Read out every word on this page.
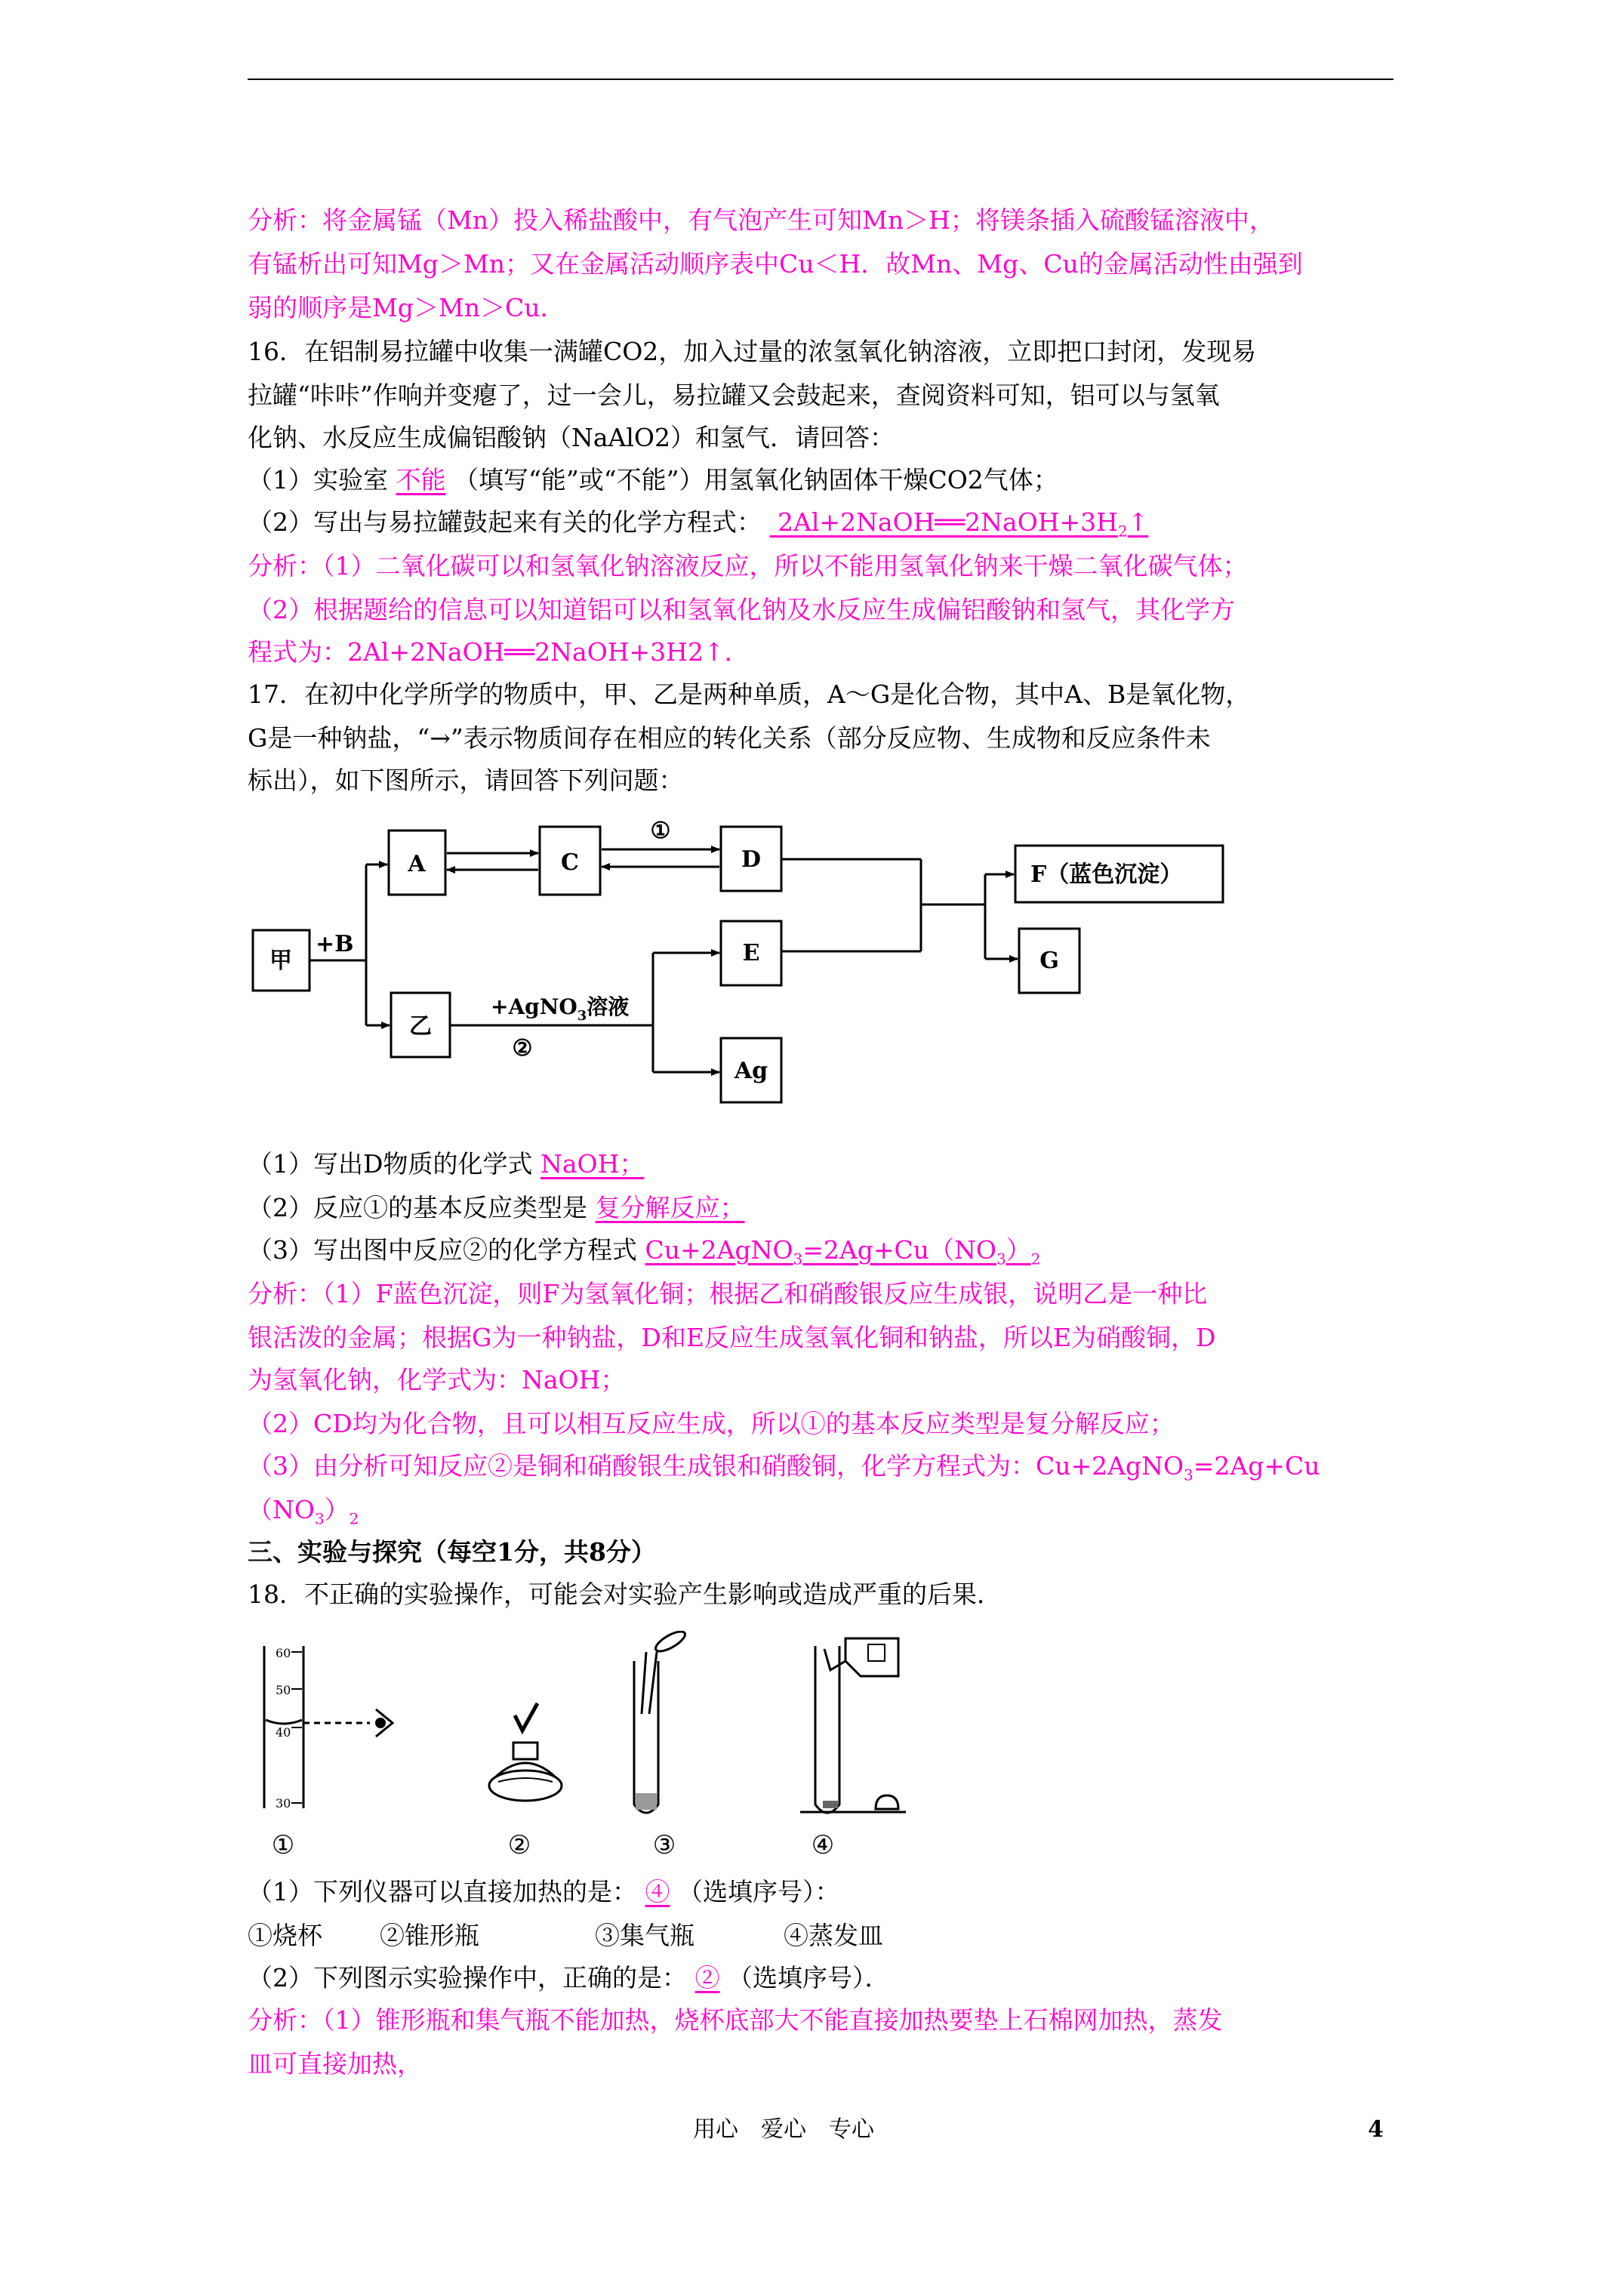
分析：将金属锰（Mn）投入稀盐酸中，有气泡产生可知Mn＞H；将镁条插入硫酸锰溶液中，
有锰析出可知Mg＞Mn；又在金属活动顺序表中Cu＜H．故Mn、Mg、Cu的金属活动性由强到
弱的顺序是Mg＞Mn＞Cu．
16．在铝制易拉罐中收集一满罐CO2，加入过量的浓氢氧化钠溶液，立即把口封闭，发现易
拉罐“咔咔”作响并变瘪了，过一会儿，易拉罐又会鼓起来，查阅资料可知，铝可以与氢氧
化钠、水反应生成偏铝酸钠（NaAlO2）和氢气．请回答：
（1）实验室 不能 （填写“能”或“不能”）用氢氧化钠固体干燥CO2气体；
（2）写出与易拉罐鼓起来有关的化学方程式： $2Al+2NaOH══2NaOH+3H_2↑$
分析：（1）二氧化碳可以和氢氧化钠溶液反应，所以不能用氢氧化钠来干燥二氧化碳气体；
（2）根据题给的信息可以知道铝可以和氢氧化钠及水反应生成偏铝酸钠和氢气，其化学方
程式为：2Al+2NaOH══2NaOH+3H2↑．
17．在初中化学所学的物质中，甲、乙是两种单质，A～G是化合物，其中A、B是氧化物，
G是一种钠盐，“→”表示物质间存在相应的转化关系（部分反应物、生成物和反应条件未
标出），如下图所示，请回答下列问题：
甲
+B
A	C	D
①
乙
+AgNO$_3$溶液
②
E
Ag
F（蓝色沉淀）
G
（1）写出D物质的化学式 NaOH；
（2）反应①的基本反应类型是 复分解反应；
（3）写出图中反应②的化学方程式 $Cu+2AgNO_3=2Ag+Cu(NO_3)_2$
分析：（1）F蓝色沉淀，则F为氢氧化铜；根据乙和硝酸银反应生成银，说明乙是一种比
银活泼的金属；根据G为一种钠盐，D和E反应生成氢氧化铜和钠盐，所以E为硝酸铜，D
为氢氧化钠，化学式为：NaOH；
（2）CD均为化合物，且可以相互反应生成，所以①的基本反应类型是复分解反应；
（3）由分析可知反应②是铜和硝酸银生成银和硝酸铜，化学方程式为：Cu+2AgNO$_3$=2Ag+Cu
$(NO_3)_2$
三、实验与探究（每空1分，共8分）
18．不正确的实验操作，可能会对实验产生影响或造成严重的后果．
60
50
40
30
①	②	③	④
（1）下列仪器可以直接加热的是： ④ （选填序号）：
①烧杯 ②锥形瓶	③集气瓶	④蒸发皿
（2）下列图示实验操作中，正确的是： ② （选填序号）．
分析：（1）锥形瓶和集气瓶不能加热，烧杯底部大不能直接加热要垫上石棉网加热，蒸发
皿可直接加热，
用心　爱心　专心	4
